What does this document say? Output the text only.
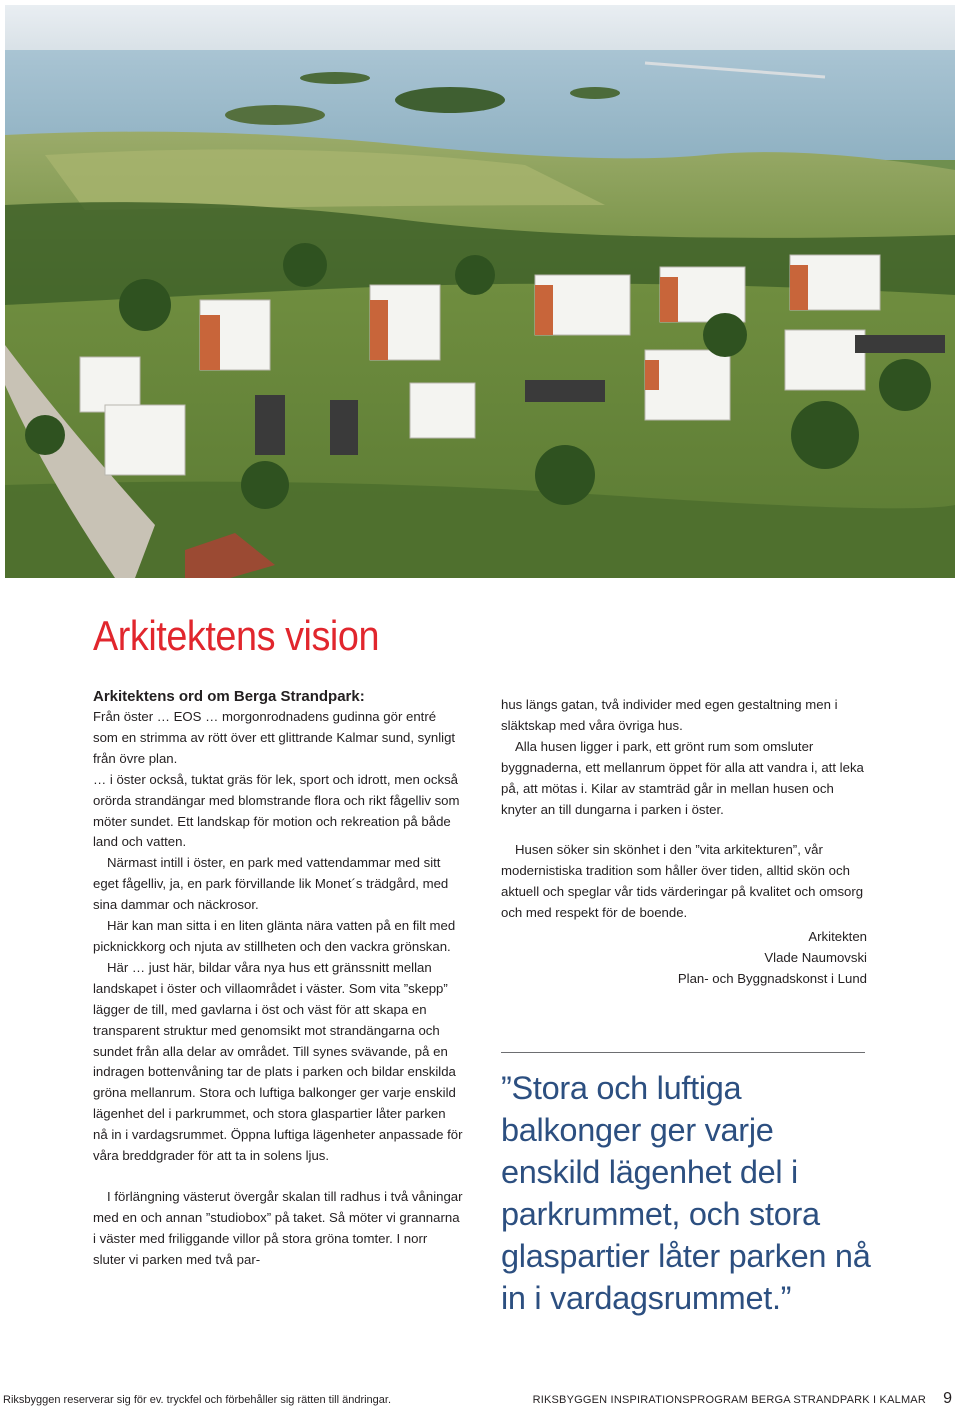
Arkitektens vision

Arkitektens ord om Berga Strandpark:

Från öster … EOS … morgonrodnadens gudinna gör entré som en strimma av rött över ett glittrande Kalmar sund, synligt från övre plan.

… i öster också, tuktat gräs för lek, sport och idrott, men också orörda strandängar med blomstrande flora och rikt fågelliv som möter sundet. Ett landskap för motion och rekreation på både land och vatten.

Närmast intill i öster, en park med vattendammar med sitt eget fågelliv, ja, en park förvillande lik Monet´s trädgård, med sina dammar och näckrosor.

Här kan man sitta i en liten glänta nära vatten på en filt med picknickkorg och njuta av stillheten och den vackra grönskan.

Här … just här, bildar våra nya hus ett gränssnitt mellan landskapet i öster och villaområdet i väster. Som vita ”skepp” lägger de till, med gavlarna i öst och väst för att skapa en transparent struktur med genomsikt mot strandängarna och sundet från alla delar av området. Till synes svävande, på en indragen bottenvåning tar de plats i parken och bildar enskilda gröna mellanrum. Stora och luftiga balkonger ger varje enskild lägenhet del i parkrummet, och stora glaspartier låter parken nå in i vardagsrummet. Öppna luftiga lägenheter anpassade för våra breddgrader för att ta in solens ljus.

I förlängning västerut övergår skalan till radhus i två våningar med en och annan ”studiobox” på taket. Så möter vi grannarna i väster med friliggande villor på stora gröna tomter. I norr sluter vi parken med två par-

hus längs gatan, två individer med egen gestaltning men i släktskap med våra övriga hus.

Alla husen ligger i park, ett grönt rum som omsluter byggnaderna, ett mellanrum öppet för alla att vandra i, att leka på, att mötas i. Kilar av stamträd går in mellan husen och knyter an till dungarna i parken i öster.

Husen söker sin skönhet i den ”vita arkitekturen”, vår modernistiska tradition som håller över tiden, alltid skön och aktuell och speglar vår tids värderingar på kvalitet och omsorg och med respekt för de boende.

Arkitekten

Vlade Naumovski

Plan- och Byggnadskonst i Lund

”Stora och luftiga balkonger ger varje enskild lägenhet del i parkrummet, och stora glaspartier låter parken nå in i vardagsrummet.”
Riksbyggen reserverar sig för ev. tryckfel och förbehåller sig rätten till ändringar.	RIKSBYGGEN INSPIRATIONSPROGRAM BERGA STRANDPARK I KALMAR 9
